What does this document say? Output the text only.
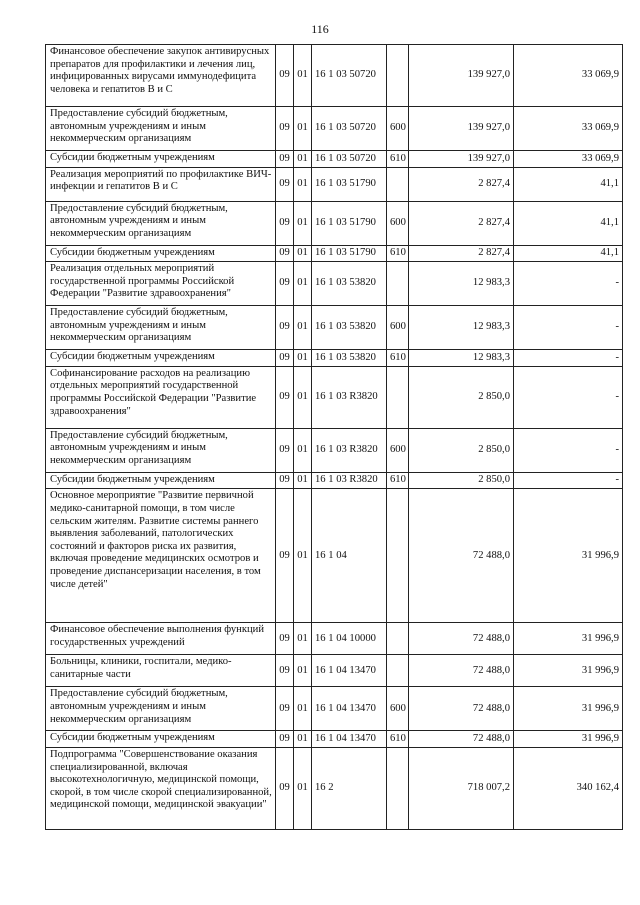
116
Финансовое обеспечение закупок антивирусных препаратов для профилактики и лечения лиц, инфицированных вирусами иммунодефицита человека и гепатитов В и С	09	01	16 1 03 50720		139 927,0	33 069,9
Предоставление субсидий бюджетным, автономным учреждениям и иным некоммерческим организациям	09	01	16 1 03 50720	600	139 927,0	33 069,9
Субсидии бюджетным учреждениям	09	01	16 1 03 50720	610	139 927,0	33 069,9
Реализация мероприятий по профилактике ВИЧ-инфекции и гепатитов В и С	09	01	16 1 03 51790		2 827,4	41,1
Предоставление субсидий бюджетным, автономным учреждениям и иным некоммерческим организациям	09	01	16 1 03 51790	600	2 827,4	41,1
Субсидии бюджетным учреждениям	09	01	16 1 03 51790	610	2 827,4	41,1
Реализация отдельных мероприятий государственной программы Российской Федерации "Развитие здравоохранения"	09	01	16 1 03 53820		12 983,3	-
Предоставление субсидий бюджетным, автономным учреждениям и иным некоммерческим организациям	09	01	16 1 03 53820	600	12 983,3	-
Субсидии бюджетным учреждениям	09	01	16 1 03 53820	610	12 983,3	-
Софинансирование расходов на реализацию отдельных мероприятий государственной программы Российской Федерации "Развитие здравоохранения"	09	01	16 1 03 R3820		2 850,0	-
Предоставление субсидий бюджетным, автономным учреждениям и иным некоммерческим организациям	09	01	16 1 03 R3820	600	2 850,0	-
Субсидии бюджетным учреждениям	09	01	16 1 03 R3820	610	2 850,0	-
Основное мероприятие "Развитие первичной медико-санитарной помощи, в том числе сельским жителям. Развитие системы раннего выявления заболеваний, патологических состояний и факторов риска их развития, включая проведение медицинских осмотров и проведение диспансеризации населения, в том числе детей"	09	01	16 1 04		72 488,0	31 996,9
Финансовое обеспечение выполнения функций государственных учреждений	09	01	16 1 04 10000		72 488,0	31 996,9
Больницы, клиники, госпитали, медико-санитарные части	09	01	16 1 04 13470		72 488,0	31 996,9
Предоставление субсидий бюджетным, автономным учреждениям и иным некоммерческим организациям	09	01	16 1 04 13470	600	72 488,0	31 996,9
Субсидии бюджетным учреждениям	09	01	16 1 04 13470	610	72 488,0	31 996,9
Подпрограмма "Совершенствование оказания специализированной, включая высокотехнологичную, медицинской помощи, скорой, в том числе скорой специализированной, медицинской помощи, медицинской эвакуации"	09	01	16 2		718 007,2	340 162,4
